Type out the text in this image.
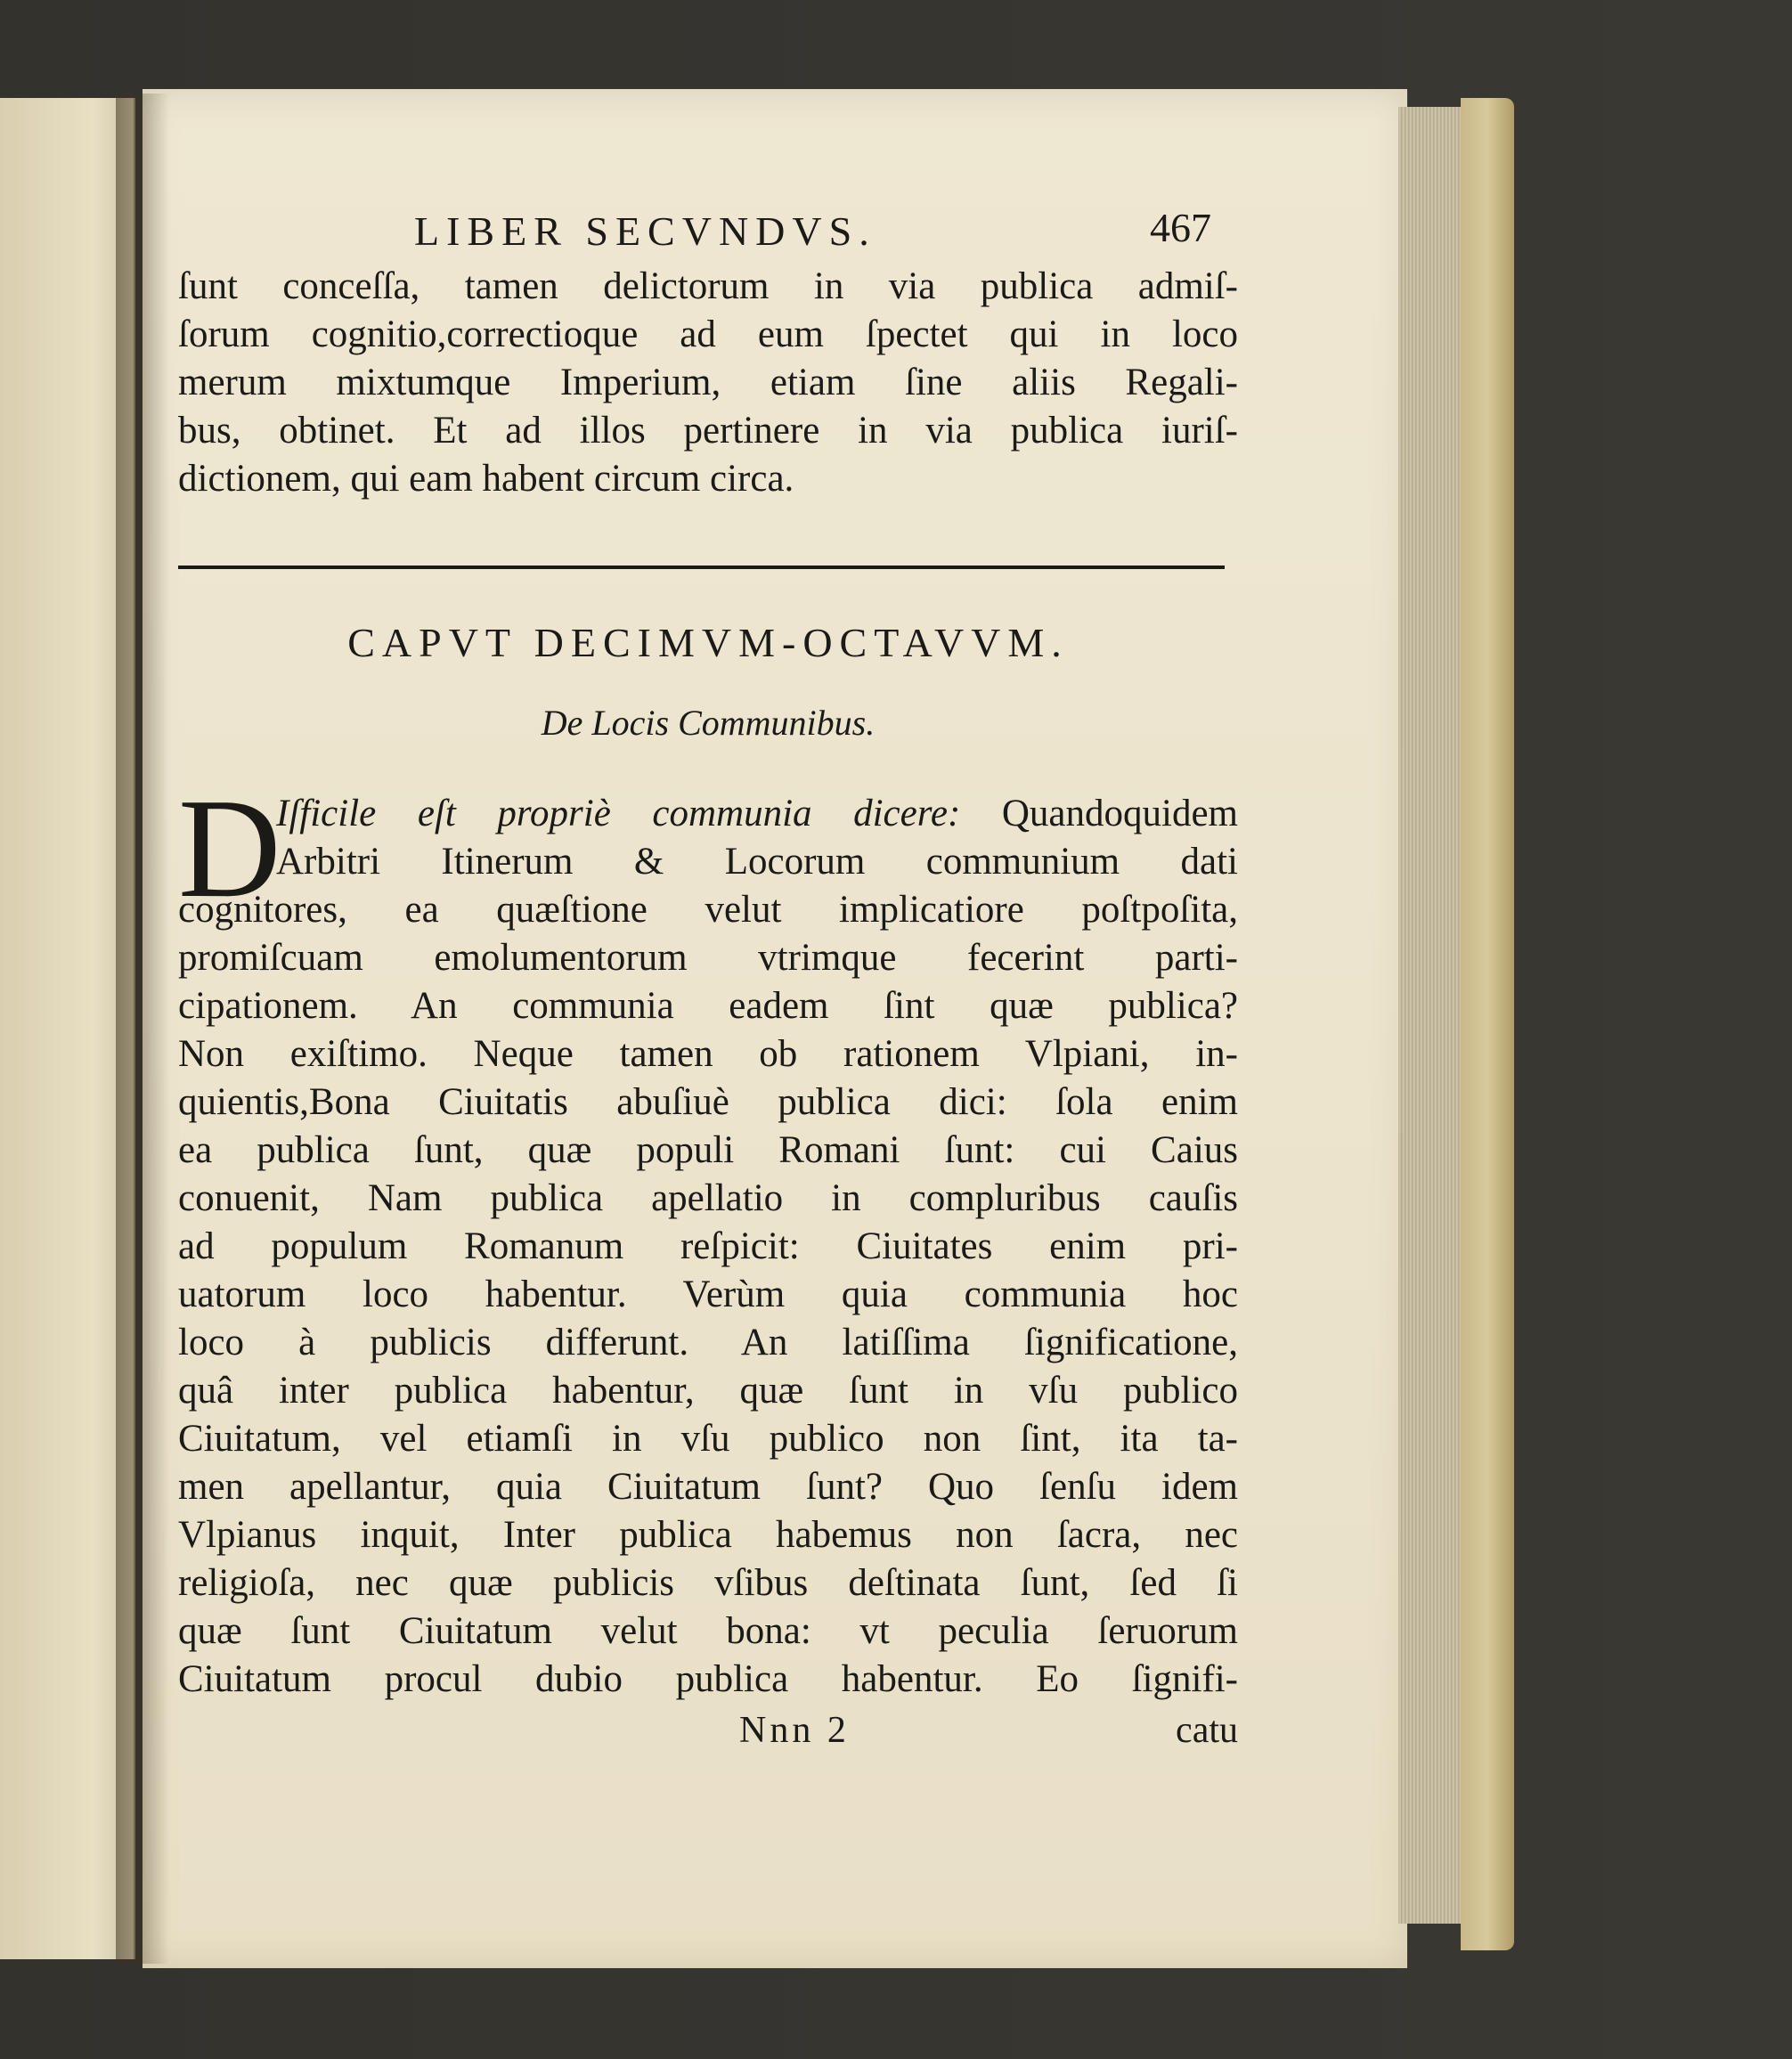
LIBER SECVNDVS.	467
ſunt conceſſa, tamen delictorum in via publica admiſ-
ſorum cognitio,correctioque ad eum ſpectet qui in loco
merum mixtumque Imperium, etiam ſine aliis Regali-
bus, obtinet. Et ad illos pertinere in via publica iuriſ-
dictionem, qui eam habent circum circa.
CAPVT DECIMVM-OCTAVVM.
De Locis Communibus.
D
Iſficile eſt propriè communia dicere: Quandoquidem
Arbitri Itinerum & Locorum communium dati
cognitores, ea quæſtione velut implicatiore poſtpoſita,
promiſcuam emolumentorum vtrimque fecerint parti-
cipationem. An communia eadem ſint quæ publica?
Non exiſtimo. Neque tamen ob rationem Vlpiani, in-
quientis,Bona Ciuitatis abuſiuè publica dici: ſola enim
ea publica ſunt, quæ populi Romani ſunt: cui Caius
conuenit, Nam publica apellatio in compluribus cauſis
ad populum Romanum reſpicit: Ciuitates enim pri-
uatorum loco habentur. Verùm quia communia hoc
loco à publicis differunt. An latiſſima ſignificatione,
quâ inter publica habentur, quæ ſunt in vſu publico
Ciuitatum, vel etiamſi in vſu publico non ſint, ita ta-
men apellantur, quia Ciuitatum ſunt? Quo ſenſu idem
Vlpianus inquit, Inter publica habemus non ſacra, nec
religioſa, nec quæ publicis vſibus deſtinata ſunt, ſed ſi
quæ ſunt Ciuitatum velut bona: vt peculia ſeruorum
Ciuitatum procul dubio publica habentur. Eo ſignifi-
Nnn 2	catu
